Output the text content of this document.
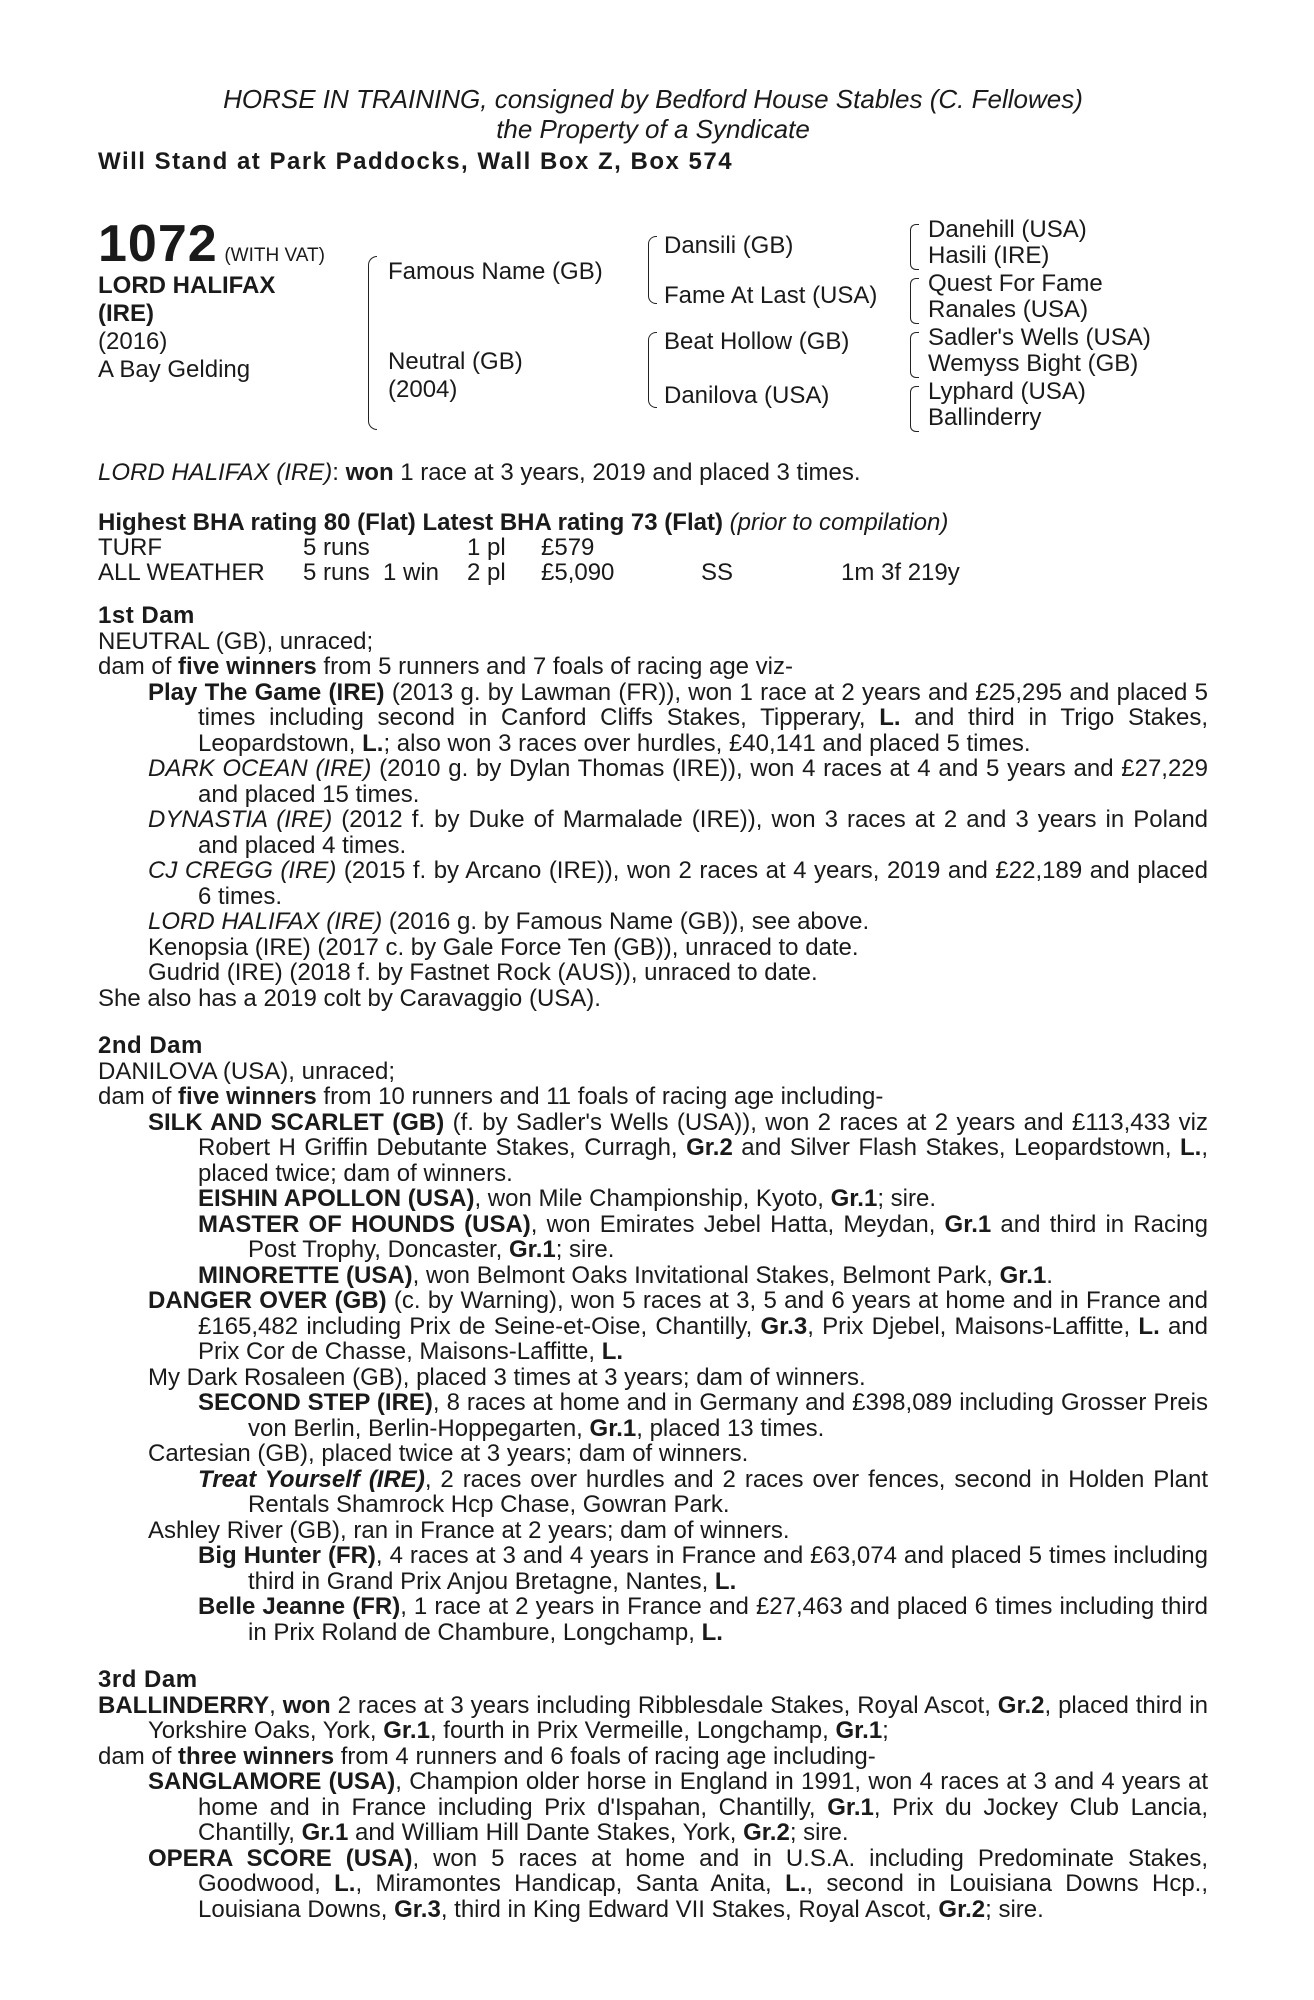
HORSE IN TRAINING, consigned by Bedford House Stables (C. Fellowes)
the Property of a Syndicate
Will Stand at Park Paddocks, Wall Box Z, Box 574
1072 (WITH VAT)
LORD HALIFAX
(IRE)
(2016)
A Bay Gelding
Famous Name (GB)
Neutral (GB)
(2004)
Dansili (GB)
Fame At Last (USA)
Beat Hollow (GB)
Danilova (USA)
Danehill (USA)
Hasili (IRE)
Quest For Fame
Ranales (USA)
Sadler's Wells (USA)
Wemyss Bight (GB)
Lyphard (USA)
Ballinderry

LORD HALIFAX (IRE): won 1 race at 3 years, 2019 and placed 3 times.

Highest BHA rating 80 (Flat) Latest BHA rating 73 (Flat) (prior to compilation)

TURF	5 runs		1 pl	£579		
ALL WEATHER	5 runs	1 win	2 pl	£5,090	SS	1m 3f 219y

1st Dam

NEUTRAL (GB), unraced;

dam of five winners from 5 runners and 7 foals of racing age viz-

Play The Game (IRE) (2013 g. by Lawman (FR)), won 1 race at 2 years and £25,295 and placed 5 times including second in Canford Cliffs Stakes, Tipperary, L. and third in Trigo Stakes, Leopardstown, L.; also won 3 races over hurdles, £40,141 and placed 5 times.

DARK OCEAN (IRE) (2010 g. by Dylan Thomas (IRE)), won 4 races at 4 and 5 years and £27,229 and placed 15 times.

DYNASTIA (IRE) (2012 f. by Duke of Marmalade (IRE)), won 3 races at 2 and 3 years in Poland and placed 4 times.

CJ CREGG (IRE) (2015 f. by Arcano (IRE)), won 2 races at 4 years, 2019 and £22,189 and placed 6 times.

LORD HALIFAX (IRE) (2016 g. by Famous Name (GB)), see above.

Kenopsia (IRE) (2017 c. by Gale Force Ten (GB)), unraced to date.

Gudrid (IRE) (2018 f. by Fastnet Rock (AUS)), unraced to date.

She also has a 2019 colt by Caravaggio (USA).

2nd Dam

DANILOVA (USA), unraced;

dam of five winners from 10 runners and 11 foals of racing age including-

SILK AND SCARLET (GB) (f. by Sadler's Wells (USA)), won 2 races at 2 years and £113,433 viz Robert H Griffin Debutante Stakes, Curragh, Gr.2 and Silver Flash Stakes, Leopardstown, L., placed twice; dam of winners.

EISHIN APOLLON (USA), won Mile Championship, Kyoto, Gr.1; sire.

MASTER OF HOUNDS (USA), won Emirates Jebel Hatta, Meydan, Gr.1 and third in Racing Post Trophy, Doncaster, Gr.1; sire.

MINORETTE (USA), won Belmont Oaks Invitational Stakes, Belmont Park, Gr.1.

DANGER OVER (GB) (c. by Warning), won 5 races at 3, 5 and 6 years at home and in France and £165,482 including Prix de Seine-et-Oise, Chantilly, Gr.3, Prix Djebel, Maisons-Laffitte, L. and Prix Cor de Chasse, Maisons-Laffitte, L.

My Dark Rosaleen (GB), placed 3 times at 3 years; dam of winners.

SECOND STEP (IRE), 8 races at home and in Germany and £398,089 including Grosser Preis von Berlin, Berlin-Hoppegarten, Gr.1, placed 13 times.

Cartesian (GB), placed twice at 3 years; dam of winners.

Treat Yourself (IRE), 2 races over hurdles and 2 races over fences, second in Holden Plant Rentals Shamrock Hcp Chase, Gowran Park.

Ashley River (GB), ran in France at 2 years; dam of winners.

Big Hunter (FR), 4 races at 3 and 4 years in France and £63,074 and placed 5 times including third in Grand Prix Anjou Bretagne, Nantes, L.

Belle Jeanne (FR), 1 race at 2 years in France and £27,463 and placed 6 times including third in Prix Roland de Chambure, Longchamp, L.

3rd Dam

BALLINDERRY, won 2 races at 3 years including Ribblesdale Stakes, Royal Ascot, Gr.2, placed third in Yorkshire Oaks, York, Gr.1, fourth in Prix Vermeille, Longchamp, Gr.1;

dam of three winners from 4 runners and 6 foals of racing age including-

SANGLAMORE (USA), Champion older horse in England in 1991, won 4 races at 3 and 4 years at home and in France including Prix d'Ispahan, Chantilly, Gr.1, Prix du Jockey Club Lancia, Chantilly, Gr.1 and William Hill Dante Stakes, York, Gr.2; sire.

OPERA SCORE (USA), won 5 races at home and in U.S.A. including Predominate Stakes, Goodwood, L., Miramontes Handicap, Santa Anita, L., second in Louisiana Downs Hcp., Louisiana Downs, Gr.3, third in King Edward VII Stakes, Royal Ascot, Gr.2; sire.
